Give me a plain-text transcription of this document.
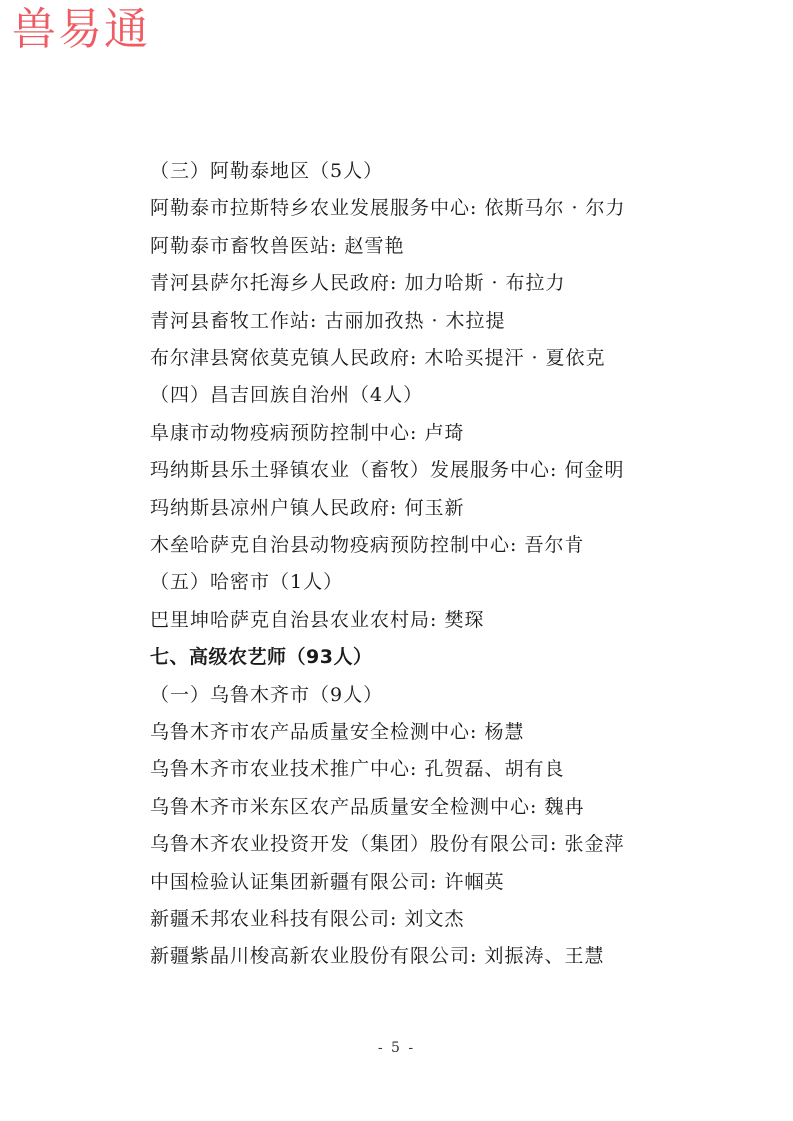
兽易通
（三）阿勒泰地区（5人）
阿勒泰市拉斯特乡农业发展服务中心: 依斯马尔 · 尔力
阿勒泰市畜牧兽医站: 赵雪艳
青河县萨尔托海乡人民政府: 加力哈斯 · 布拉力
青河县畜牧工作站: 古丽加孜热 · 木拉提
布尔津县窝依莫克镇人民政府: 木哈买提汗 · 夏依克
（四）昌吉回族自治州（4人）
阜康市动物疫病预防控制中心: 卢琦
玛纳斯县乐土驿镇农业（畜牧）发展服务中心: 何金明
玛纳斯县凉州户镇人民政府: 何玉新
木垒哈萨克自治县动物疫病预防控制中心: 吾尔肯
（五）哈密市（1人）
巴里坤哈萨克自治县农业农村局: 樊琛
七、高级农艺师（93人）
（一）乌鲁木齐市（9人）
乌鲁木齐市农产品质量安全检测中心: 杨慧
乌鲁木齐市农业技术推广中心: 孔贺磊、胡有良
乌鲁木齐市米东区农产品质量安全检测中心: 魏冉
乌鲁木齐农业投资开发（集团）股份有限公司: 张金萍
中国检验认证集团新疆有限公司: 许帼英
新疆禾邦农业科技有限公司: 刘文杰
新疆紫晶川梭高新农业股份有限公司: 刘振涛、王慧
- 5 -
